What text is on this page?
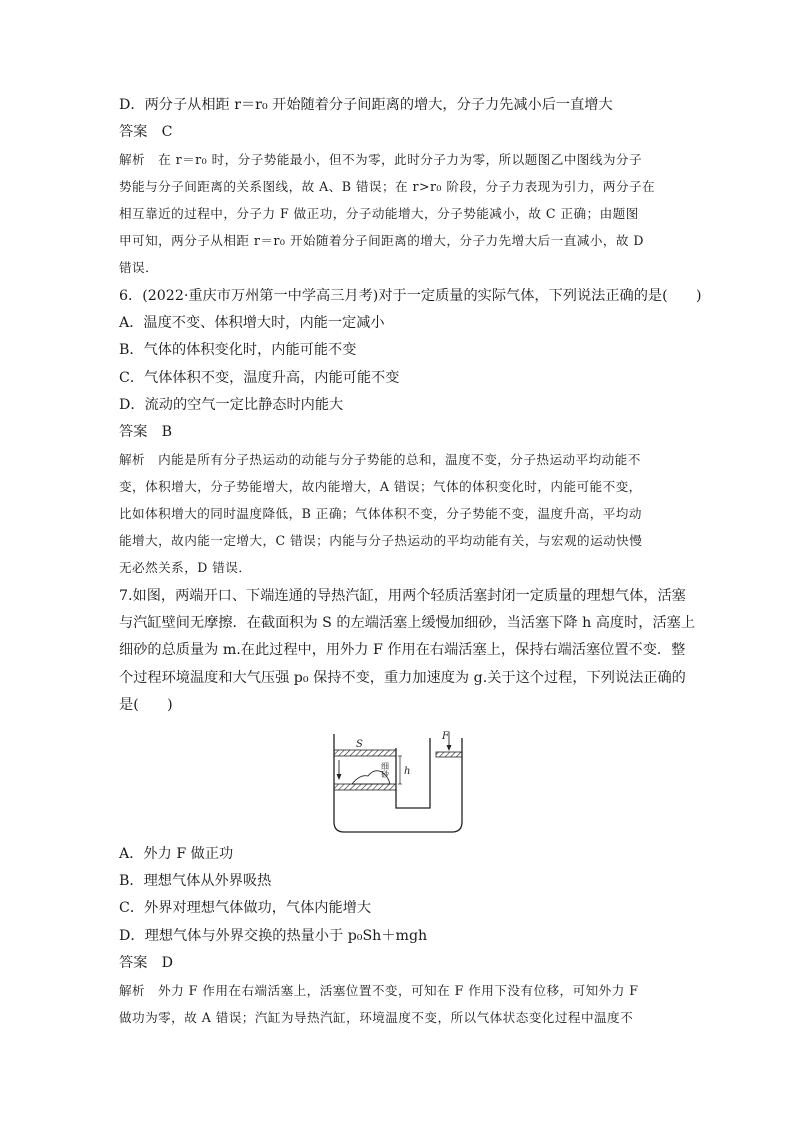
D．两分子从相距 r＝r₀ 开始随着分子间距离的增大，分子力先减小后一直增大
答案　C
解析　在 r＝r₀ 时，分子势能最小，但不为零，此时分子力为零，所以题图乙中图线为分子
势能与分子间距离的关系图线，故 A、B 错误；在 r>r₀ 阶段，分子力表现为引力，两分子在
相互靠近的过程中，分子力 F 做正功，分子动能增大，分子势能减小，故 C 正确；由题图
甲可知，两分子从相距 r＝r₀ 开始随着分子间距离的增大，分子力先增大后一直减小，故 D
错误．
6．(2022·重庆市万州第一中学高三月考)对于一定质量的实际气体，下列说法正确的是(　　)
A．温度不变、体积增大时，内能一定减小
B．气体的体积变化时，内能可能不变
C．气体体积不变，温度升高，内能可能不变
D．流动的空气一定比静态时内能大
答案　B
解析　内能是所有分子热运动的动能与分子势能的总和，温度不变，分子热运动平均动能不
变，体积增大，分子势能增大，故内能增大，A 错误；气体的体积变化时，内能可能不变，
比如体积增大的同时温度降低，B 正确；气体体积不变，分子势能不变，温度升高，平均动
能增大，故内能一定增大，C 错误；内能与分子热运动的平均动能有关，与宏观的运动快慢
无必然关系，D 错误．
7.如图，两端开口、下端连通的导热汽缸，用两个轻质活塞封闭一定质量的理想气体，活塞
与汽缸壁间无摩擦．在截面积为 S 的左端活塞上缓慢加细砂，当活塞下降 h 高度时，活塞上
细砂的总质量为 m.在此过程中，用外力 F 作用在右端活塞上，保持右端活塞位置不变．整
个过程环境温度和大气压强 p₀ 保持不变，重力加速度为 g.关于这个过程，下列说法正确的
是(　　)
S
F
h
细砂
A．外力 F 做正功
B．理想气体从外界吸热
C．外界对理想气体做功，气体内能增大
D．理想气体与外界交换的热量小于 p₀Sh＋mgh
答案　D
解析　外力 F 作用在右端活塞上，活塞位置不变，可知在 F 作用下没有位移，可知外力 F
做功为零，故 A 错误；汽缸为导热汽缸，环境温度不变，所以气体状态变化过程中温度不
